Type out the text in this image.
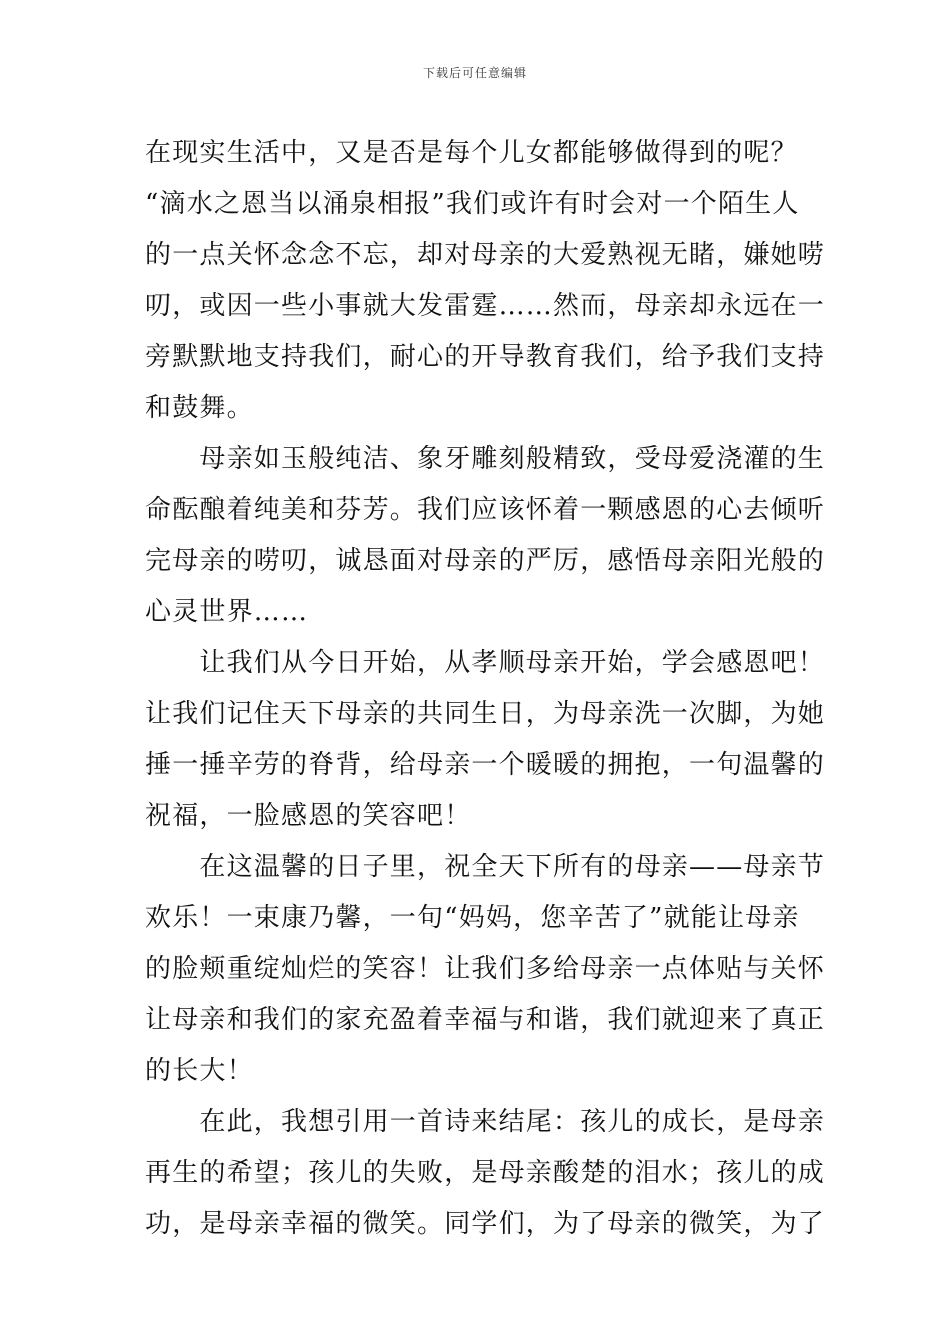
下载后可任意编辑
在现实生活中，又是否是每个儿女都能够做得到的呢？
“滴水之恩当以涌泉相报”我们或许有时会对一个陌生人
的一点关怀念念不忘，却对母亲的大爱熟视无睹，嫌她唠
叨，或因一些小事就大发雷霆……然而，母亲却永远在一
旁默默地支持我们，耐心的开导教育我们，给予我们支持
和鼓舞。
　　母亲如玉般纯洁、象牙雕刻般精致，受母爱浇灌的生
命酝酿着纯美和芬芳。我们应该怀着一颗感恩的心去倾听
完母亲的唠叨，诚恳面对母亲的严厉，感悟母亲阳光般的
心灵世界……
　　让我们从今日开始，从孝顺母亲开始，学会感恩吧！
让我们记住天下母亲的共同生日，为母亲洗一次脚，为她
捶一捶辛劳的脊背，给母亲一个暖暖的拥抱，一句温馨的
祝福，一脸感恩的笑容吧！
　　在这温馨的日子里，祝全天下所有的母亲——母亲节
欢乐！一束康乃馨，一句“妈妈，您辛苦了”就能让母亲
的脸颊重绽灿烂的笑容！让我们多给母亲一点体贴与关怀
让母亲和我们的家充盈着幸福与和谐，我们就迎来了真正
的长大！
　　在此，我想引用一首诗来结尾：孩儿的成长，是母亲
再生的希望；孩儿的失败，是母亲酸楚的泪水；孩儿的成
功，是母亲幸福的微笑。同学们，为了母亲的微笑，为了
